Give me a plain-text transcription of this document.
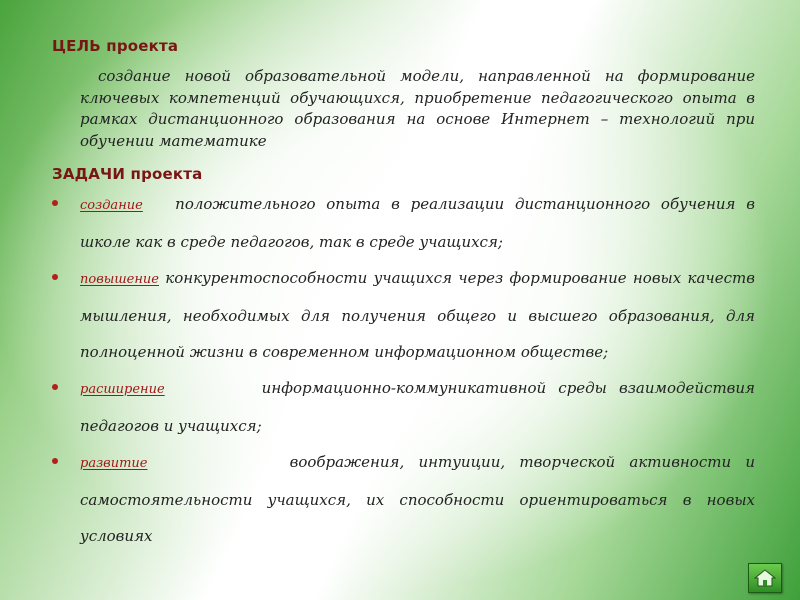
ЦЕЛЬ проекта

создание новой образовательной модели, направленной на формирование ключевых компетенций обучающихся, приобретение педагогического опыта в рамках дистанционного образования на основе Интернет – технологий при обучении математике

ЗАДАЧИ проекта
создание положительного опыта в реализации дистанционного обучения в школе как в среде педагогов, так в среде учащихся;
повышение конкурентоспособности учащихся через формирование новых качеств мышления, необходимых для получения общего и высшего образования, для полноценной жизни в современном информационном обществе;
расширение	информационно-коммуникативной среды взаимодействия педагогов и учащихся;
развитие	воображения, интуиции, творческой активности и самостоятельности учащихся, их способности ориентироваться в новых условиях
